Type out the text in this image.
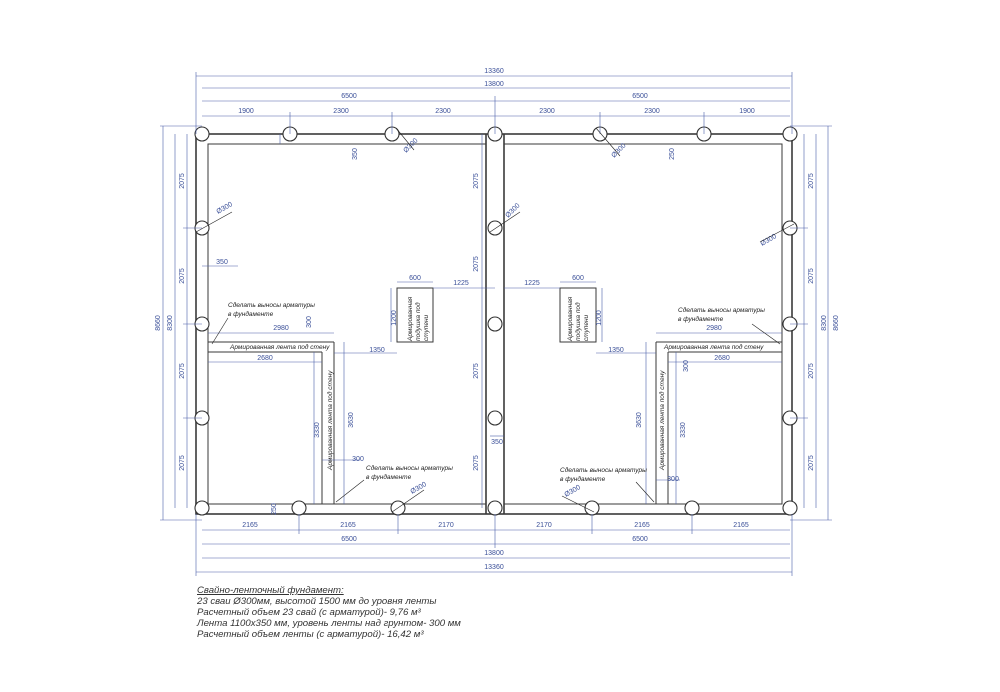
13360
13800
6500	6500
1900	2300	2300	2300	2300	1900
2165	2165	2170	2170	2165	2165
6500	6500
13800
13360
8660 8300
2075
2075
2075
2075
8660
8300
2075
2075
2075
2075
2075
2075
2075
2075
350
350	250
350
1225	1225
600	600
1200	1200
2980	2980
2680	2680
1350	1350
3630	3630
3330	3330
300
300
300
300
250
Ø300
Ø300
Ø300
Ø300
Ø300
Ø300	Ø300
Сделать выносы арматуры
в фундаменте
Сделать выносы арматуры
в фундаменте
Сделать выносы арматуры
в фундаменте
Сделать выносы арматуры
в фундаменте
Армированная лента под стену	Армированная лента под стену
Армированная лента под стену	Армированная лента под стену
Армированная подушка под ступени	Армированная подушка под ступени
Свайно-ленточный фундамент:
23 сваи Ø300мм, высотой 1500 мм до уровня ленты
Расчетный объем 23 свай (с арматурой)- 9,76 м³
Лента 1100x350 мм, уровень ленты над грунтом- 300 мм
Расчетный объем ленты (с арматурой)- 16,42 м³
